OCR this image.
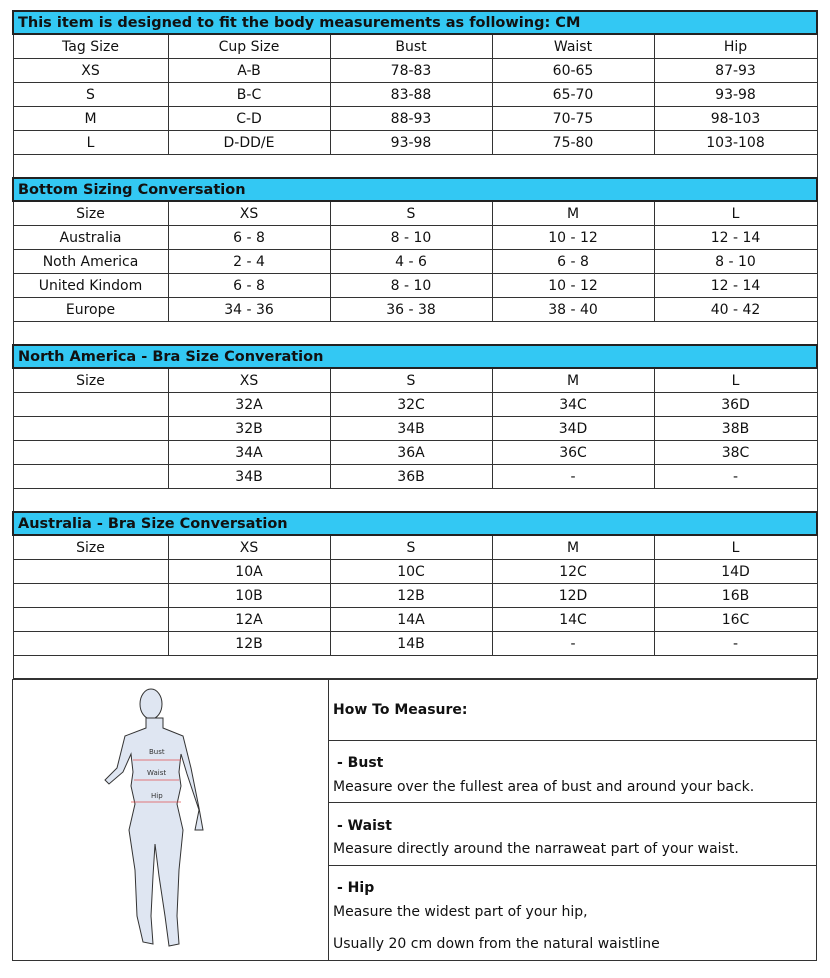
This item is designed to fit the body measurements as following: CM				
Tag Size	Cup Size	Bust	Waist	Hip
XS	A-B	78-83	60-65	87-93
S	B-C	83-88	65-70	93-98
M	C-D	88-93	70-75	98-103
L	D-DD/E	93-98	75-80	103-108

Bottom Sizing Conversation				
Size	XS	S	M	L
Australia	6 - 8	8 - 10	10 - 12	12 - 14
Noth America	2 - 4	4 - 6	6 - 8	8 - 10
United Kindom	6 - 8	8 - 10	10 - 12	12 - 14
Europe	34 - 36	36 - 38	38 - 40	40 - 42

North America - Bra Size Converation				
Size	XS	S	M	L
	32A	32C	34C	36D
	32B	34B	34D	38B
	34A	36A	36C	38C
	34B	36B	-	-

Australia - Bra Size Conversation				
Size	XS	S	M	L
	10A	10C	12C	14D
	10B	12B	12D	16B
	12A	14A	14C	16C
	12B	14B	-	-

Bust
Waist
Hip
	How To Measure:
- Bust
Measure over the fullest area of bust and around your back.
- Waist
Measure directly around the narraweat part of your waist.
- Hip
Measure the widest part of your hip,
Usually 20 cm down from the natural waistline
